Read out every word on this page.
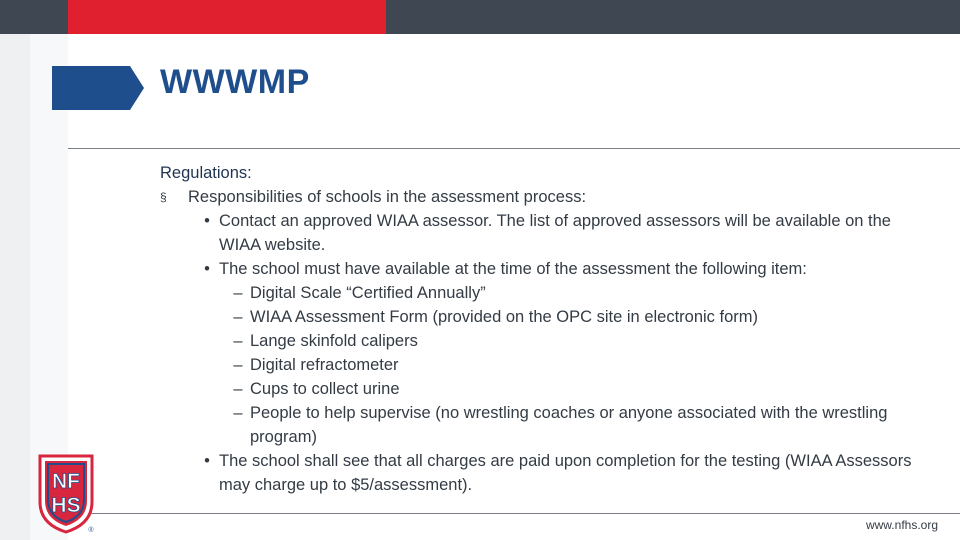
WWWMP
Regulations:
§	Responsibilities of schools in the assessment process:
• Contact an approved WIAA assessor. The list of approved assessors will be available on the WIAA website.
• The school must have available at the time of the assessment the following item:
– Digital Scale “Certified Annually”
– WIAA Assessment Form (provided on the OPC site in electronic form)
– Lange skinfold calipers
– Digital refractometer
– Cups to collect urine
– People to help supervise (no wrestling coaches or anyone associated with the wrestling program)
• The school shall see that all charges are paid upon completion for the testing (WIAA Assessors may charge up to $5/assessment).
NF
HS
®	www.nfhs.org
